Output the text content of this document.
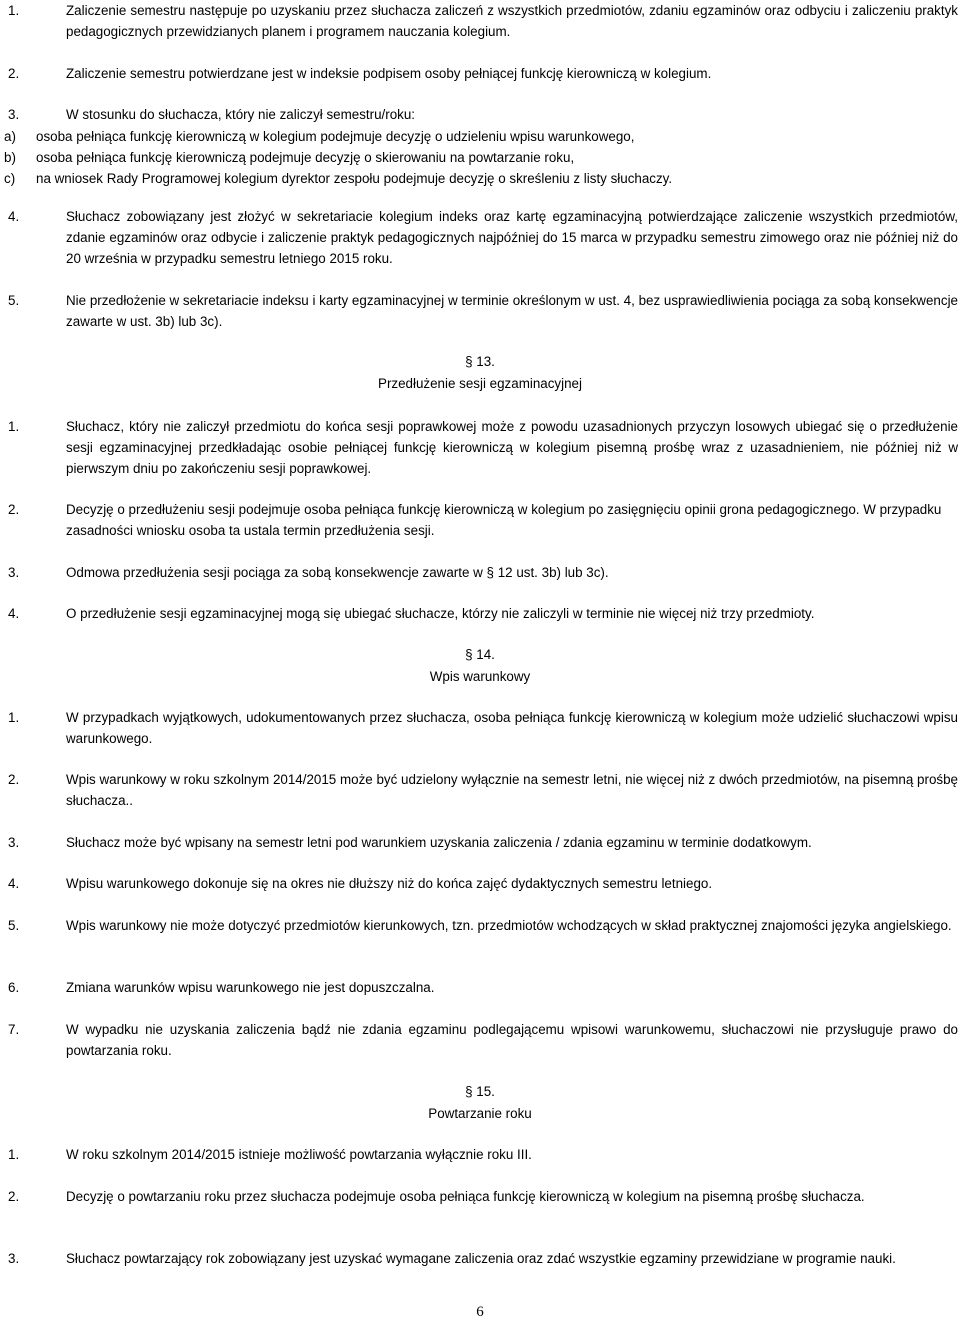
1.	Zaliczenie semestru następuje po uzyskaniu przez słuchacza zaliczeń z wszystkich przedmiotów, zdaniu egzaminów oraz odbyciu i zaliczeniu praktyk pedagogicznych przewidzianych planem i programem nauczania kolegium.
2.	Zaliczenie semestru potwierdzane jest w indeksie podpisem osoby pełniącej funkcję kierowniczą w kolegium.
3.	W stosunku do słuchacza, który nie zaliczył semestru/roku:
a) osoba pełniąca funkcję kierowniczą w kolegium podejmuje decyzję o udzieleniu wpisu warunkowego,
b) osoba pełniąca funkcję kierowniczą podejmuje decyzję o skierowaniu na powtarzanie roku,
c) na wniosek Rady Programowej kolegium dyrektor zespołu podejmuje decyzję o skreśleniu z listy słuchaczy.
4.	Słuchacz zobowiązany jest złożyć w sekretariacie kolegium indeks oraz kartę egzaminacyjną potwierdzające zaliczenie wszystkich przedmiotów, zdanie egzaminów oraz odbycie i zaliczenie praktyk pedagogicznych najpóźniej do 15 marca w przypadku semestru zimowego oraz nie później niż do 20 września w przypadku semestru letniego 2015 roku.
5.	Nie przedłożenie w sekretariacie indeksu i karty egzaminacyjnej w terminie określonym w ust. 4, bez usprawiedliwienia pociąga za sobą konsekwencje zawarte w ust. 3b) lub 3c).
§ 13.
Przedłużenie sesji egzaminacyjnej
1.	Słuchacz, który nie zaliczył przedmiotu do końca sesji poprawkowej może z powodu uzasadnionych przyczyn losowych ubiegać się o przedłużenie sesji egzaminacyjnej przedkładając osobie pełniącej funkcję kierowniczą w kolegium pisemną prośbę wraz z uzasadnieniem, nie później niż w pierwszym dniu po zakończeniu sesji poprawkowej.
2.	Decyzję o przedłużeniu sesji podejmuje osoba pełniąca funkcję kierowniczą w kolegium po zasięgnięciu opinii grona pedagogicznego. W przypadku zasadności wniosku osoba ta ustala termin przedłużenia sesji.
3.	Odmowa przedłużenia sesji pociąga za sobą konsekwencje zawarte w § 12 ust. 3b) lub 3c).
4.	O przedłużenie sesji egzaminacyjnej mogą się ubiegać słuchacze, którzy nie zaliczyli w terminie nie więcej niż trzy przedmioty.
§ 14.
Wpis warunkowy
1.	W przypadkach wyjątkowych, udokumentowanych przez słuchacza, osoba pełniąca funkcję kierowniczą w kolegium może udzielić słuchaczowi wpisu warunkowego.
2.	Wpis warunkowy w roku szkolnym 2014/2015 może być udzielony wyłącznie na semestr letni, nie więcej niż z dwóch przedmiotów, na pisemną prośbę słuchacza..
3.	Słuchacz może być wpisany na semestr letni pod warunkiem uzyskania zaliczenia / zdania egzaminu w terminie dodatkowym.
4.	Wpisu warunkowego dokonuje się na okres nie dłuższy niż do końca zajęć dydaktycznych semestru letniego.
5.	Wpis warunkowy nie może dotyczyć przedmiotów kierunkowych, tzn. przedmiotów wchodzących w skład praktycznej znajomości języka angielskiego.
6.	Zmiana warunków wpisu warunkowego nie jest dopuszczalna.
7.	W wypadku nie uzyskania zaliczenia bądź nie zdania egzaminu podlegającemu wpisowi warunkowemu, słuchaczowi nie przysługuje prawo do powtarzania roku.
§ 15.
Powtarzanie roku
1.	W roku szkolnym 2014/2015 istnieje możliwość powtarzania wyłącznie roku III.
2.	Decyzję o powtarzaniu roku przez słuchacza podejmuje osoba pełniąca funkcję kierowniczą w kolegium na pisemną prośbę słuchacza.
3.	Słuchacz powtarzający rok zobowiązany jest uzyskać wymagane zaliczenia oraz zdać wszystkie egzaminy przewidziane w programie nauki.
6
